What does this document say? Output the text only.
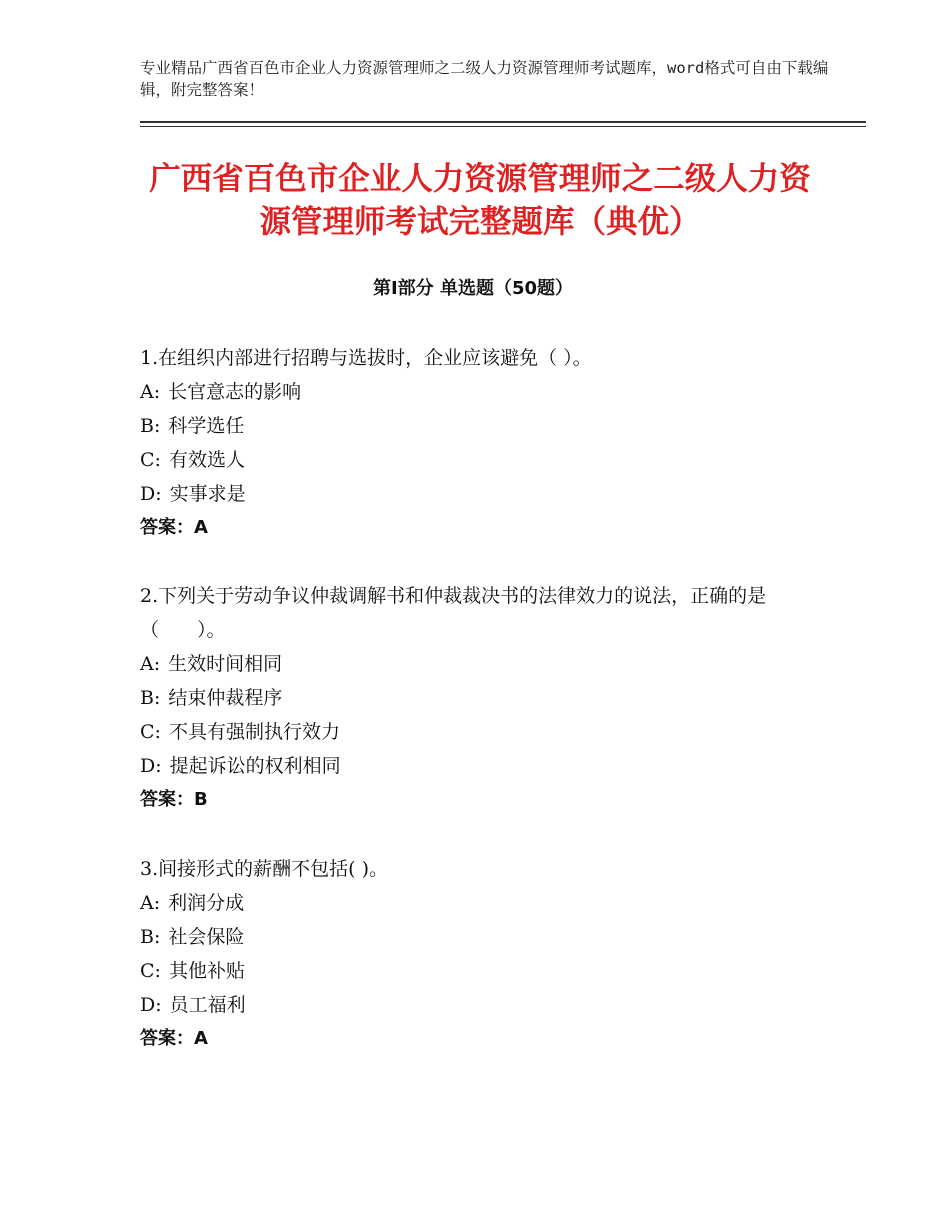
专业精品广西省百色市企业人力资源管理师之二级人力资源管理师考试题库，word格式可自由下载编辑，附完整答案！
广西省百色市企业人力资源管理师之二级人力资源管理师考试完整题库（典优）
第Ⅰ部分 单选题（50题）
1.在组织内部进行招聘与选拔时，企业应该避免（ ）。
A: 长官意志的影响
B: 科学选任
C: 有效选人
D: 实事求是
答案：A
2.下列关于劳动争议仲裁调解书和仲裁裁决书的法律效力的说法，正确的是（　　）。
A: 生效时间相同
B: 结束仲裁程序
C: 不具有强制执行效力
D: 提起诉讼的权利相同
答案：B
3.间接形式的薪酬不包括( )。
A: 利润分成
B: 社会保险
C: 其他补贴
D: 员工福利
答案：A
